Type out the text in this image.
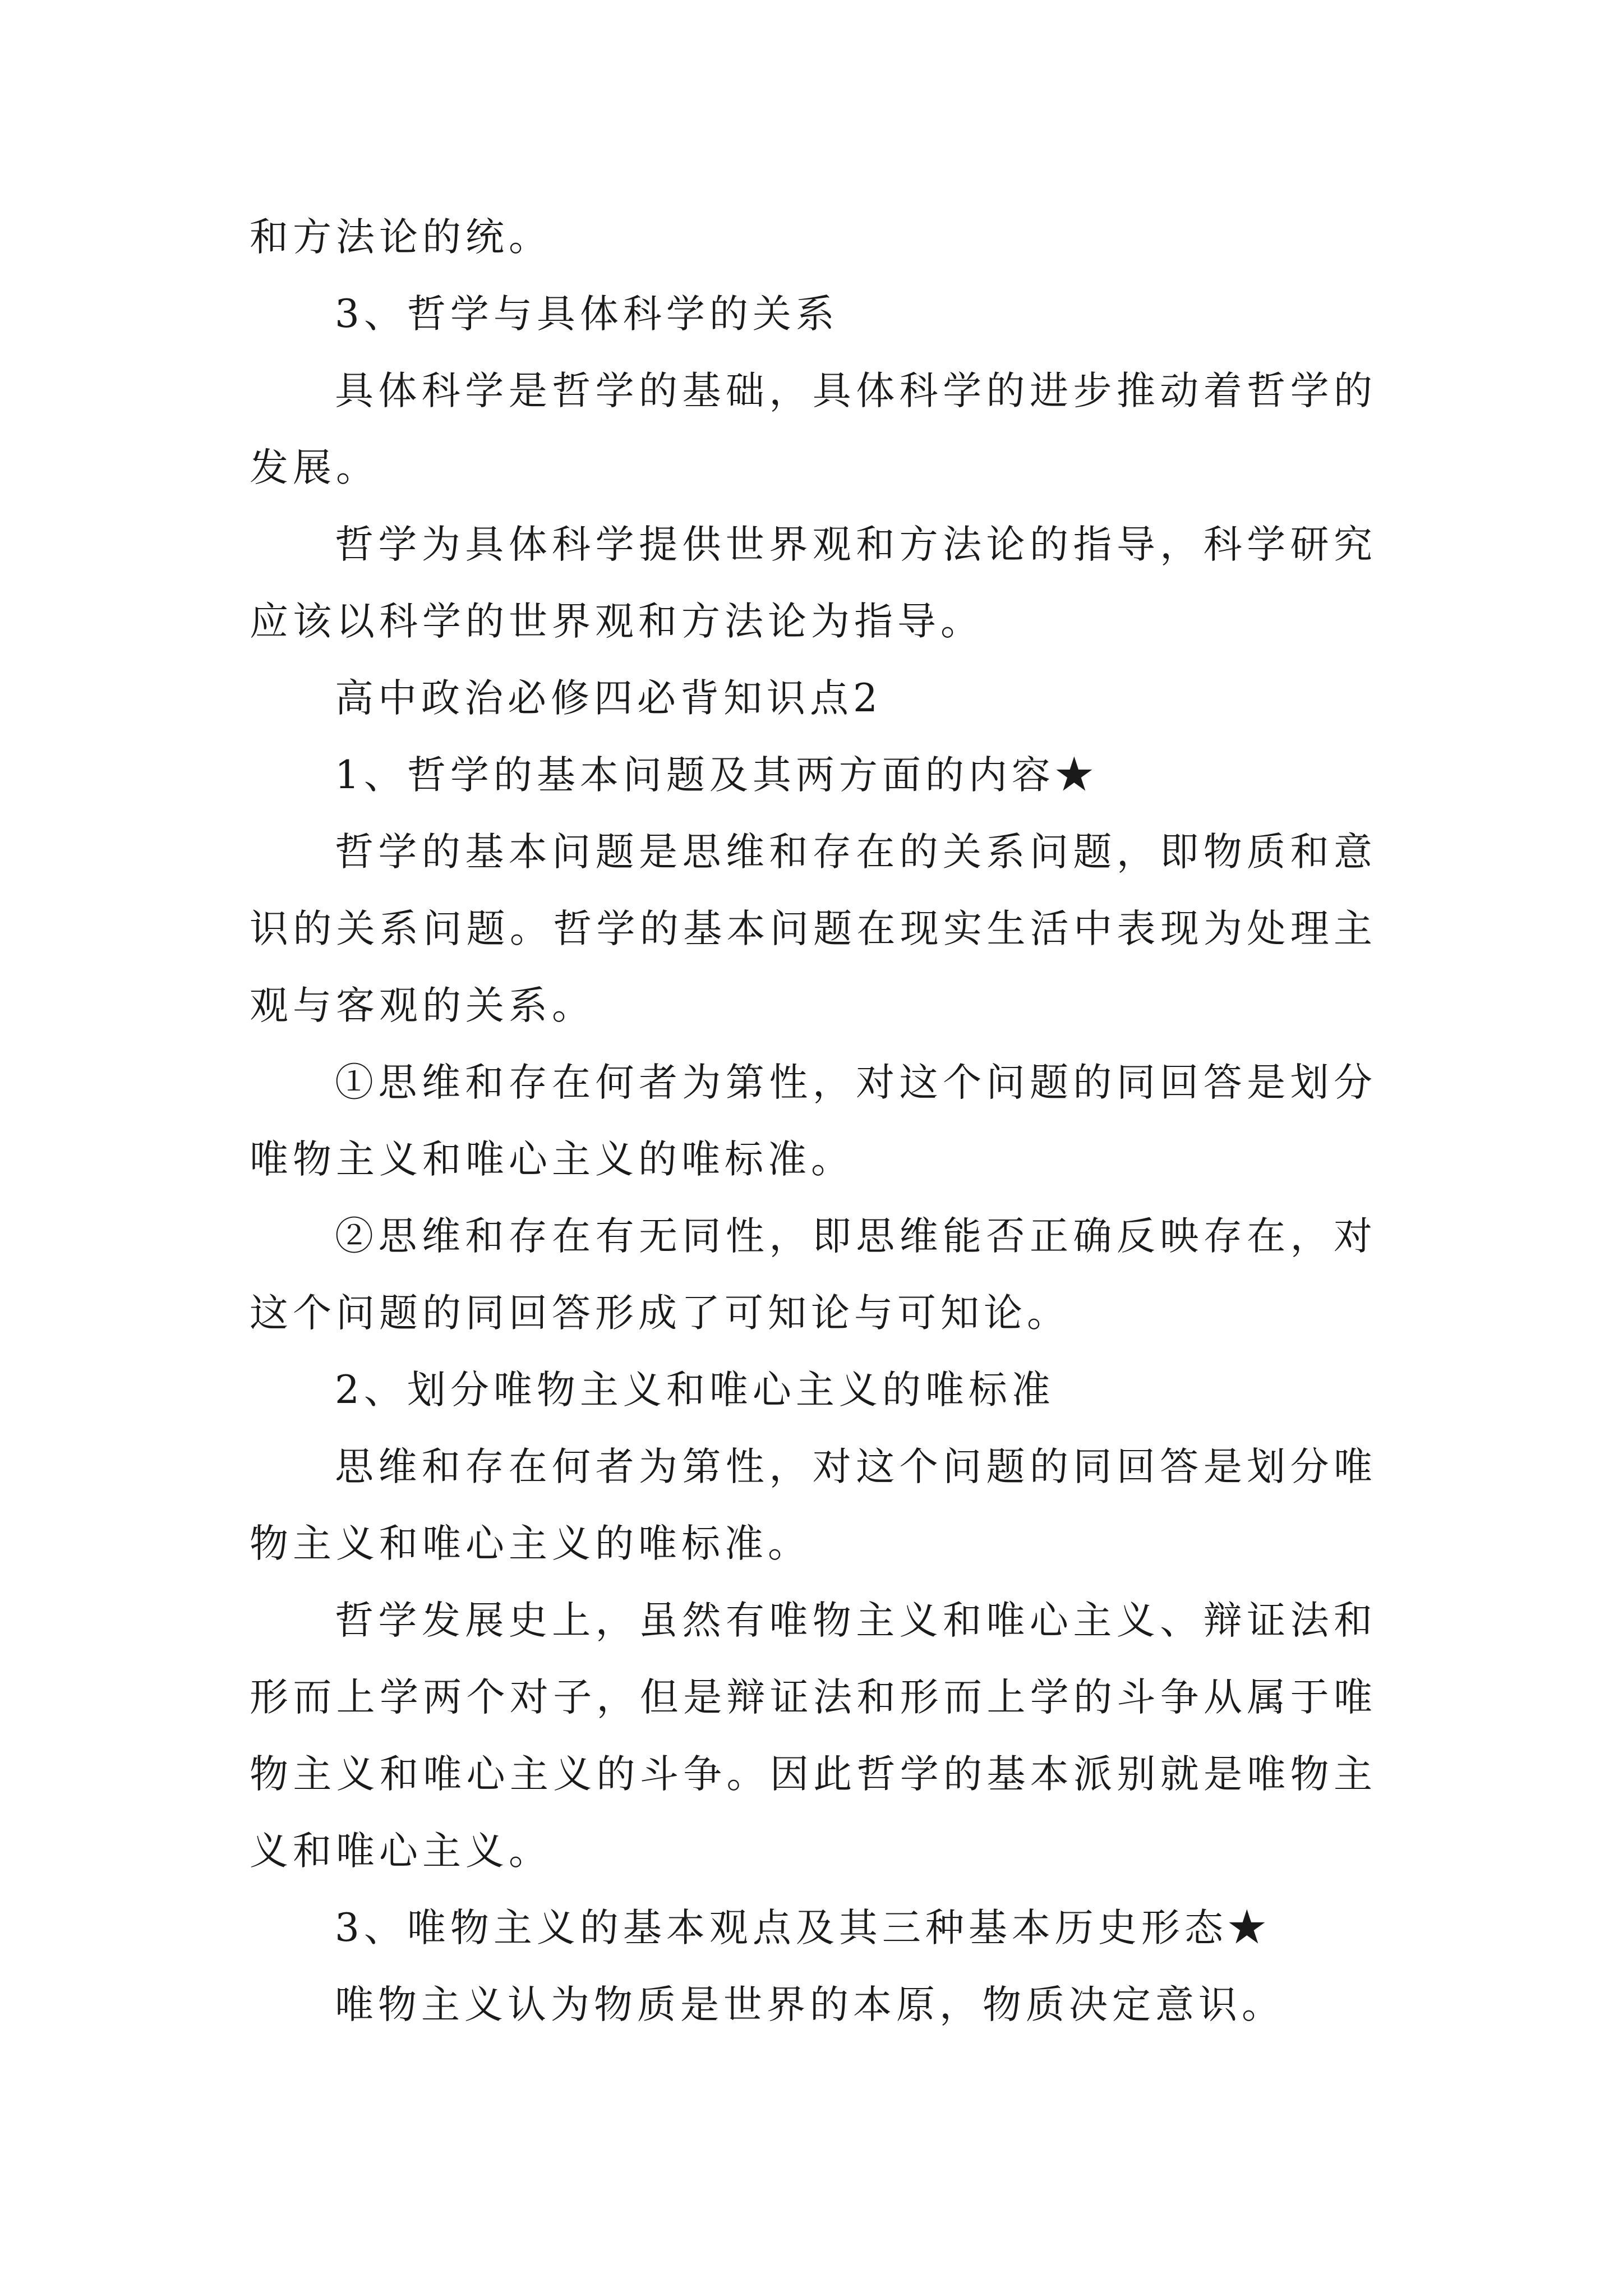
和方法论的统。

3、哲学与具体科学的关系

具体科学是哲学的基础，具体科学的进步推动着哲学的发展。

哲学为具体科学提供世界观和方法论的指导，科学研究应该以科学的世界观和方法论为指导。

高中政治必修四必背知识点2

1、哲学的基本问题及其两方面的内容★

哲学的基本问题是思维和存在的关系问题，即物质和意识的关系问题。哲学的基本问题在现实生活中表现为处理主观与客观的关系。

①思维和存在何者为第性，对这个问题的同回答是划分唯物主义和唯心主义的唯标准。

②思维和存在有无同性，即思维能否正确反映存在，对这个问题的同回答形成了可知论与可知论。

2、划分唯物主义和唯心主义的唯标准

思维和存在何者为第性，对这个问题的同回答是划分唯物主义和唯心主义的唯标准。

哲学发展史上，虽然有唯物主义和唯心主义、辩证法和形而上学两个对子，但是辩证法和形而上学的斗争从属于唯物主义和唯心主义的斗争。因此哲学的基本派别就是唯物主义和唯心主义。

3、唯物主义的基本观点及其三种基本历史形态★

唯物主义认为物质是世界的本原，物质决定意识。
